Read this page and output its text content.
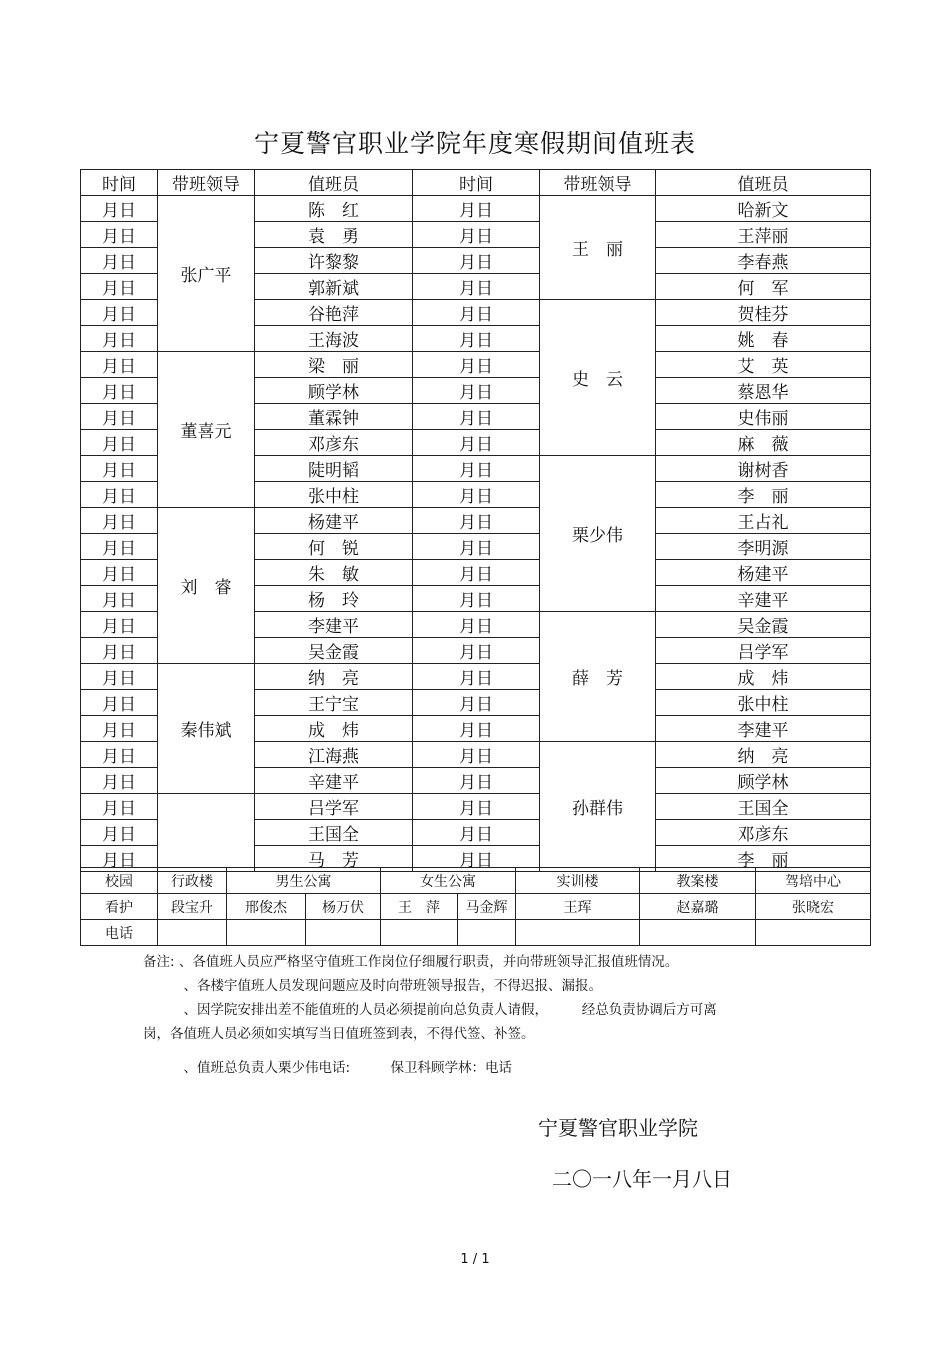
宁夏警官职业学院年度寒假期间值班表
时间	带班领导	值班员	时间	带班领导	值班员
月日	张广平	陈　红	月日	王　丽	哈新文
月日		袁　勇	月日		王萍丽
月日		许黎黎	月日		李春燕
月日		郭新斌	月日		何　军
月日		谷艳萍	月日	史　云	贺桂芬
月日		王海波	月日		姚　春
月日	董喜元	梁　丽	月日		艾　英
月日		顾学林	月日		蔡恩华
月日		董霖钟	月日		史伟丽
月日		邓彦东	月日		麻　薇
月日		陡明韬	月日	栗少伟	谢树香
月日		张中柱	月日		李　丽
月日	刘　睿	杨建平	月日		王占礼
月日		何　锐	月日		李明源
月日		朱　敏	月日		杨建平
月日		杨　玲	月日		辛建平
月日		李建平	月日	薛　芳	吴金霞
月日		吴金霞	月日		吕学军
月日	秦伟斌	纳　亮	月日		成　炜
月日		王宁宝	月日		张中柱
月日		成　炜	月日		李建平
月日		江海燕	月日	孙群伟	纳　亮
月日		辛建平	月日		顾学林
月日		吕学军	月日		王国全
月日		王国全	月日		邓彦东
月日		马　芳	月日		李　丽
校园	行政楼	男生公寓		女生公寓		实训楼	教案楼	驾培中心
看护	段宝升	邢俊杰	杨万伏	王　萍	马金辉	王珲	赵嘉璐	张晓宏
电话								
备注: 、各值班人员应严格坚守值班工作岗位仔细履行职责，并向带班领导汇报值班情况。
　　　、各楼宇值班人员发现问题应及时向带班领导报告，不得迟报、漏报。
　　　、因学院安排出差不能值班的人员必须提前向总负责人请假，　　　经总负责协调后方可离
岗，各值班人员必须如实填写当日值班签到表，不得代签、补签。
　　　、值班总负责人栗少伟电话:　　　保卫科顾学林：电话
宁夏警官职业学院
二〇一八年一月八日
1 / 1
